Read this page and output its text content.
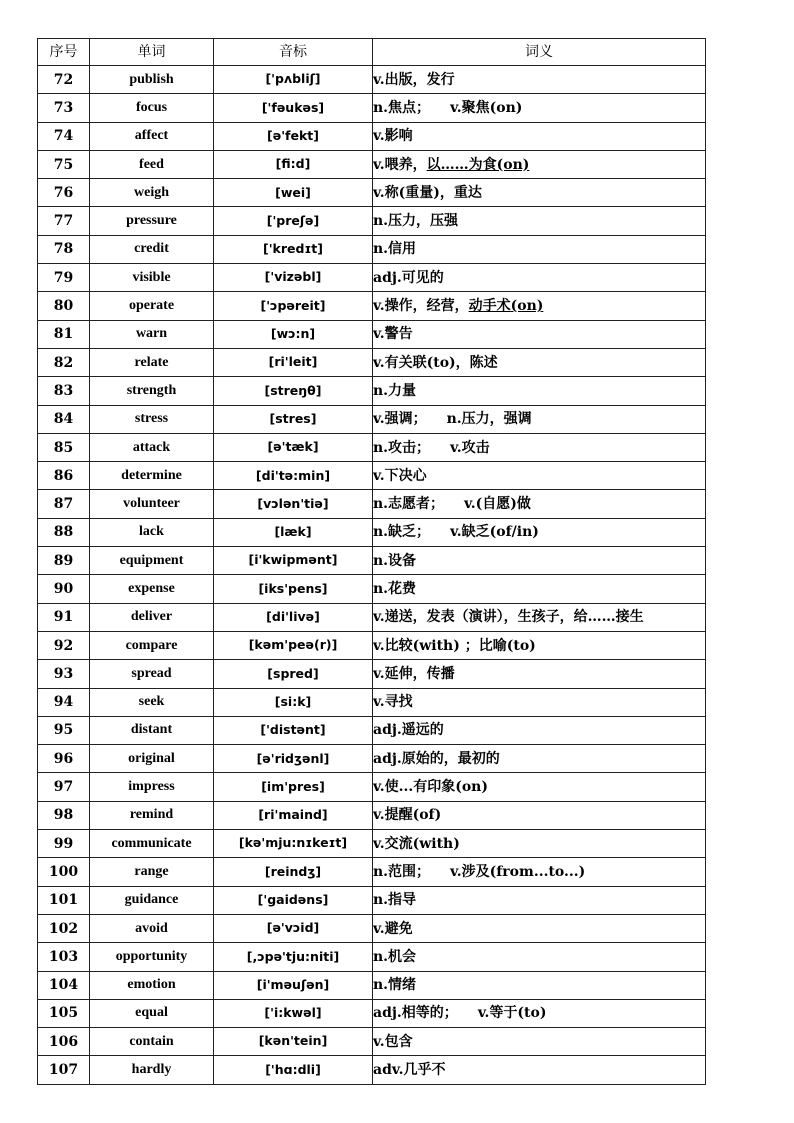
序号	单词	音标	词义
72	publish	['pʌbliʃ]	v.出版，发行
73	focus	['fəukəs]	n.焦点； v.聚焦(on)
74	affect	[ə'fekt]	v.影响
75	feed	[fi:d]	v.喂养，以……为食(on)
76	weigh	[wei]	v.称(重量)，重达
77	pressure	['preʃə]	n.压力，压强
78	credit	['kredɪt]	n.信用
79	visible	['vizəbl]	adj.可见的
80	operate	['ɔpəreit]	v.操作，经营，动手术(on)
81	warn	[wɔ:n]	v.警告
82	relate	[ri'leit]	v.有关联(to)，陈述
83	strength	[streŋθ]	n.力量
84	stress	[stres]	v.强调； n.压力，强调
85	attack	[ə'tæk]	n.攻击； v.攻击
86	determine	[di'tə:min]	v.下决心
87	volunteer	[vɔlən'tiə]	n.志愿者； v.(自愿)做
88	lack	[læk]	n.缺乏； v.缺乏(of/in)
89	equipment	[i'kwipmənt]	n.设备
90	expense	[iks'pens]	n.花费
91	deliver	[di'livə]	v.递送，发表（演讲），生孩子，给……接生
92	compare	[kəm'peə(r)]	v.比较(with) ；比喻(to)
93	spread	[spred]	v.延伸，传播
94	seek	[si:k]	v.寻找
95	distant	['distənt]	adj.遥远的
96	original	[ə'ridʒənl]	adj.原始的，最初的
97	impress	[im'pres]	v.使...有印象(on)
98	remind	[ri'maind]	v.提醒(of)
99	communicate	[kə'mju:nɪkeɪt]	v.交流(with)
100	range	[reindʒ]	n.范围； v.涉及(from...to...)
101	guidance	['gaidəns]	n.指导
102	avoid	[ə'vɔid]	v.避免
103	opportunity	[,ɔpə'tju:niti]	n.机会
104	emotion	[i'məuʃən]	n.情绪
105	equal	['i:kwəl]	adj.相等的； v.等于(to)
106	contain	[kən'tein]	v.包含
107	hardly	['hɑ:dli]	adv.几乎不
